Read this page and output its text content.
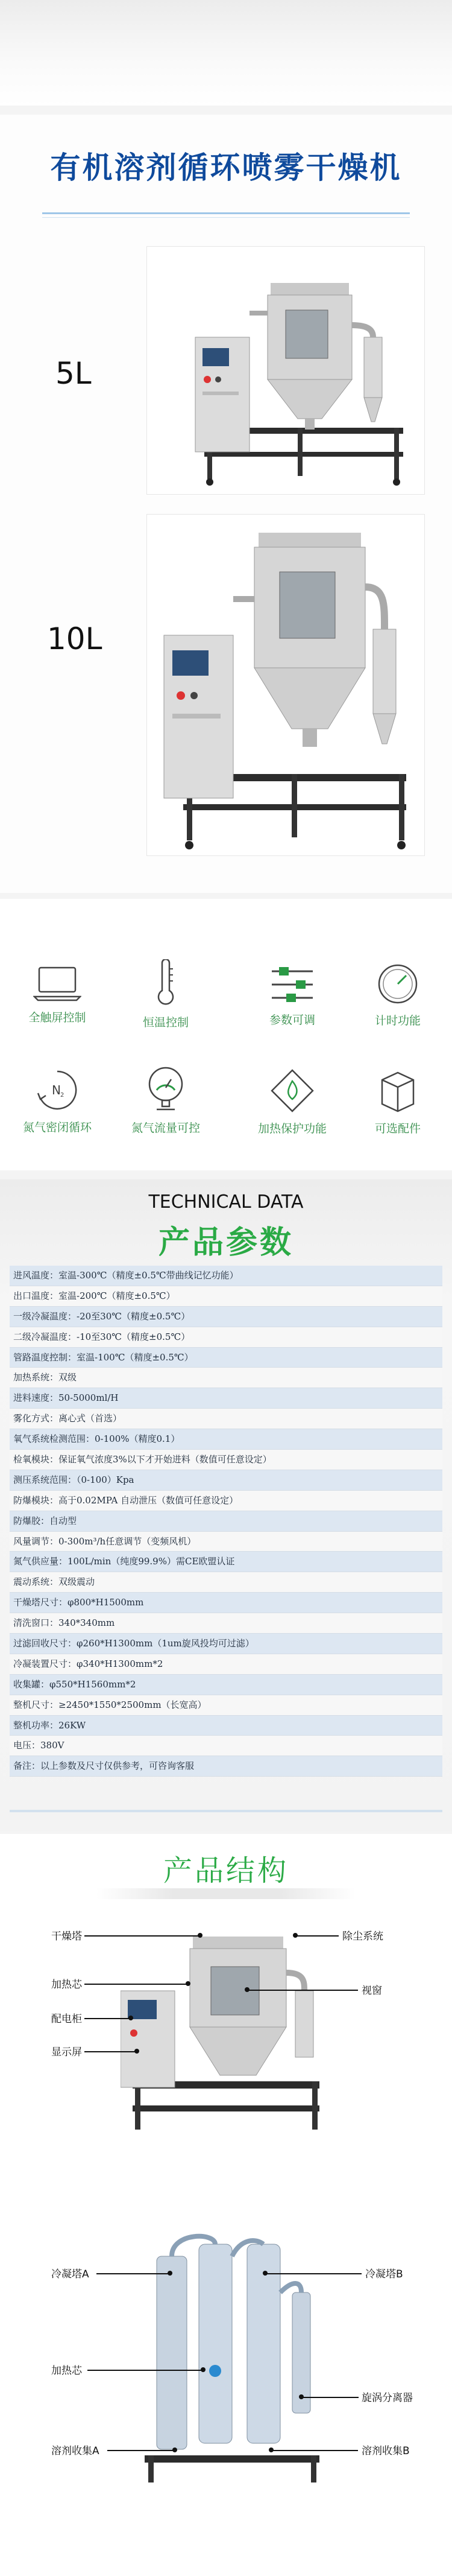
有机溶剂循环喷雾干燥机
5L
10L
全触屏控制	恒温控制	参数可调	计时功能
N 2
氮气密闭循环	氮气流量可控	加热保护功能	可选配件
TECHNICAL DATA
产品参数
进风温度：室温-300℃（精度±0.5℃带曲线记忆功能）
出口温度：室温-200℃（精度±0.5℃）
一级冷凝温度：-20至30℃（精度±0.5℃）
二级冷凝温度：-10至30℃（精度±0.5℃）
管路温度控制：室温-100℃（精度±0.5℃）
加热系统：双级
进料速度：50-5000ml/H
雾化方式：离心式（首选）
氧气系统检测范围：0-100%（精度0.1）
检氧模块：保证氧气浓度3%以下才开始进料（数值可任意设定）
测压系统范围：（0-100）Kpa
防爆模块：高于0.02MPA 自动泄压（数值可任意设定）
防爆胶：自动型
风量调节：0-300m³/h任意调节（变频风机）
氮气供应量：100L/min（纯度99.9%）需CE欧盟认证
震动系统：双级震动
干燥塔尺寸：φ800*H1500mm
清洗窗口：340*340mm
过滤回收尺寸：φ260*H1300mm（1um旋风投均可过滤）
冷凝装置尺寸：φ340*H1300mm*2
收集罐：φ550*H1560mm*2
整机尺寸：≥2450*1550*2500mm（长宽高）
整机功率：26KW
电压：380V
备注：以上参数及尺寸仅供参考，可咨询客服
产品结构
干燥塔
加热芯
配电柜
显示屏
除尘系统
视窗
冷凝塔A
加热芯
溶剂收集A
冷凝塔B
旋涡分离器
溶剂收集B
